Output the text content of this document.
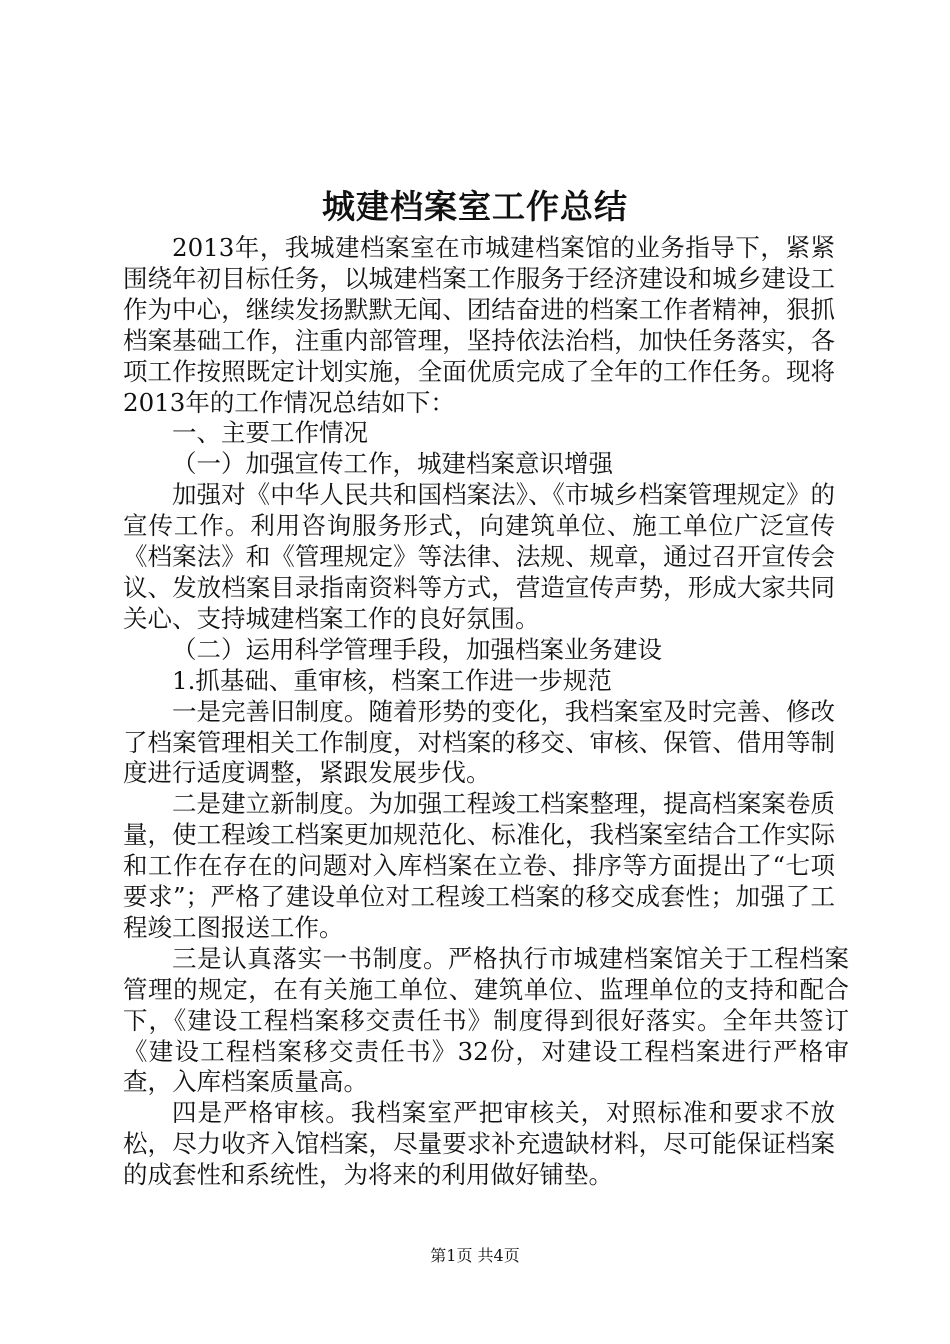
城建档案室工作总结

2013年，我城建档案室在市城建档案馆的业务指导下，紧紧围绕年初目标任务，以城建档案工作服务于经济建设和城乡建设工作为中心，继续发扬默默无闻、团结奋进的档案工作者精神，狠抓档案基础工作，注重内部管理，坚持依法治档，加快任务落实，各项工作按照既定计划实施，全面优质完成了全年的工作任务。现将2013年的工作情况总结如下：

一、主要工作情况

（一）加强宣传工作，城建档案意识增强

加强对《中华人民共和国档案法》、《市城乡档案管理规定》的宣传工作。利用咨询服务形式，向建筑单位、施工单位广泛宣传《档案法》和《管理规定》等法律、法规、规章，通过召开宣传会议、发放档案目录指南资料等方式，营造宣传声势，形成大家共同关心、支持城建档案工作的良好氛围。

（二）运用科学管理手段，加强档案业务建设

1.抓基础、重审核，档案工作进一步规范

一是完善旧制度。随着形势的变化，我档案室及时完善、修改了档案管理相关工作制度，对档案的移交、审核、保管、借用等制度进行适度调整，紧跟发展步伐。

二是建立新制度。为加强工程竣工档案整理，提高档案案卷质量，使工程竣工档案更加规范化、标准化，我档案室结合工作实际和工作在存在的问题对入库档案在立卷、排序等方面提出了“七项要求”；严格了建设单位对工程竣工档案的移交成套性；加强了工程竣工图报送工作。

三是认真落实一书制度。严格执行市城建档案馆关于工程档案管理的规定，在有关施工单位、建筑单位、监理单位的支持和配合下，《建设工程档案移交责任书》制度得到很好落实。全年共签订《建设工程档案移交责任书》32份，对建设工程档案进行严格审查，入库档案质量高。

四是严格审核。我档案室严把审核关，对照标准和要求不放松，尽力收齐入馆档案，尽量要求补充遗缺材料，尽可能保证档案的成套性和系统性，为将来的利用做好铺垫。

第1页 共4页
